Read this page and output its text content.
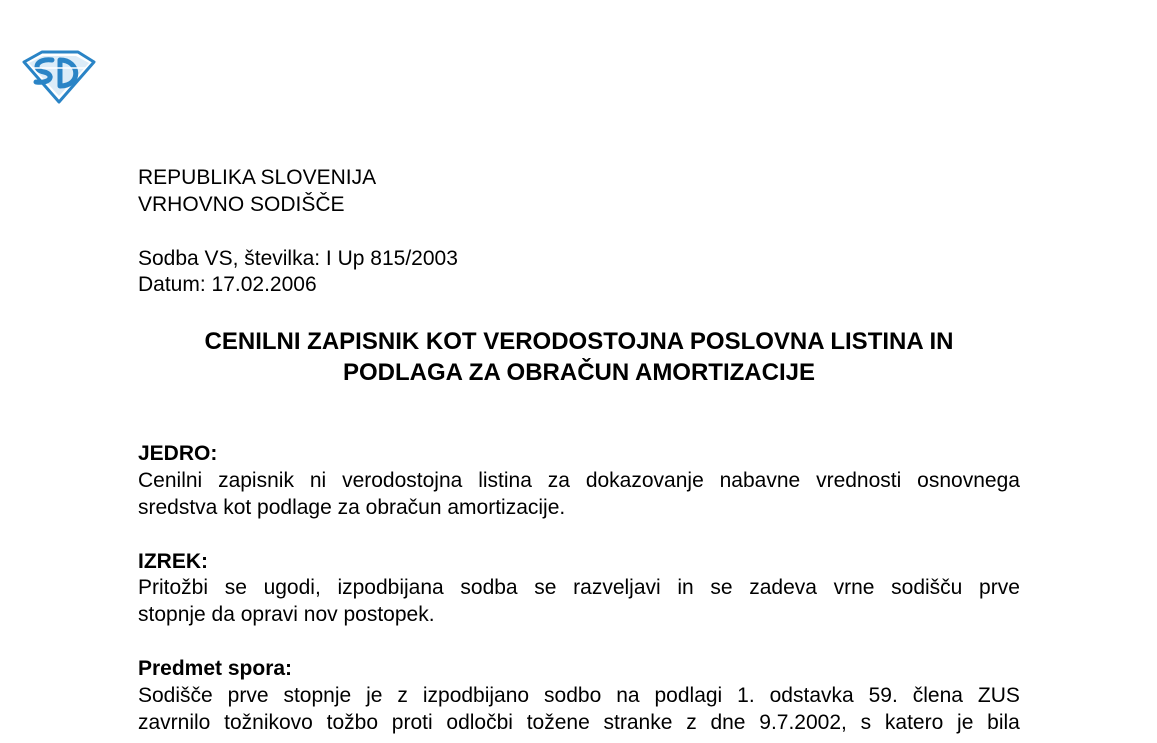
REPUBLIKA SLOVENIJA
VRHOVNO SODIŠČE
Sodba VS, številka: I Up 815/2003
Datum: 17.02.2006
CENILNI ZAPISNIK KOT VERODOSTOJNA POSLOVNA LISTINA IN
PODLAGA ZA OBRAČUN AMORTIZACIJE
JEDRO:
Cenilni zapisnik ni verodostojna listina za dokazovanje nabavne vrednosti osnovnega
sredstva kot podlage za obračun amortizacije.
IZREK:
Pritožbi se ugodi, izpodbijana sodba se razveljavi in se zadeva vrne sodišču prve
stopnje da opravi nov postopek.
Predmet spora:
Sodišče prve stopnje je z izpodbijano sodbo na podlagi 1. odstavka 59. člena ZUS
zavrnilo tožnikovo tožbo proti odločbi tožene stranke z dne 9.7.2002, s katero je bila
